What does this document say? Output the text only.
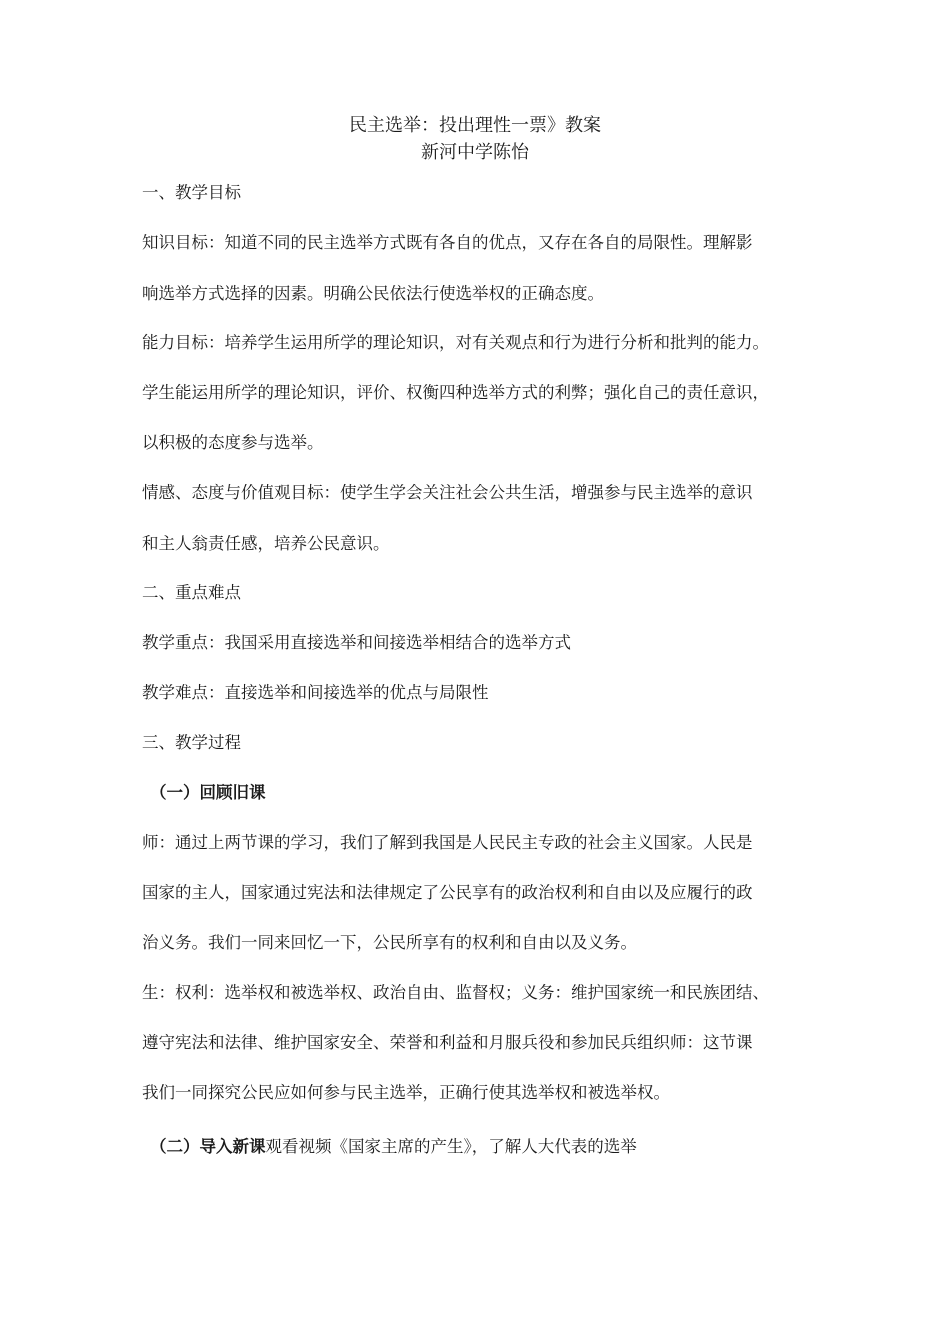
民主选举：投出理性一票》教案
新河中学陈怡
一、教学目标
知识目标：知道不同的民主选举方式既有各自的优点，又存在各自的局限性。理解影
响选举方式选择的因素。明确公民依法行使选举权的正确态度。
能力目标：培养学生运用所学的理论知识，对有关观点和行为进行分析和批判的能力。
学生能运用所学的理论知识，评价、权衡四种选举方式的利弊；强化自己的责任意识，
以积极的态度参与选举。
情感、态度与价值观目标：使学生学会关注社会公共生活，增强参与民主选举的意识
和主人翁责任感，培养公民意识。
二、重点难点
教学重点：我国采用直接选举和间接选举相结合的选举方式
教学难点：直接选举和间接选举的优点与局限性
三、教学过程
（一）回顾旧课
师：通过上两节课的学习，我们了解到我国是人民民主专政的社会主义国家。人民是
国家的主人，国家通过宪法和法律规定了公民享有的政治权利和自由以及应履行的政
治义务。我们一同来回忆一下，公民所享有的权利和自由以及义务。
生：权利：选举权和被选举权、政治自由、监督权；义务：维护国家统一和民族团结、
遵守宪法和法律、维护国家安全、荣誉和利益和月服兵役和参加民兵组织师：这节课
我们一同探究公民应如何参与民主选举，正确行使其选举权和被选举权。
（二）导入新课观看视频《国家主席的产生》，了解人大代表的选举
